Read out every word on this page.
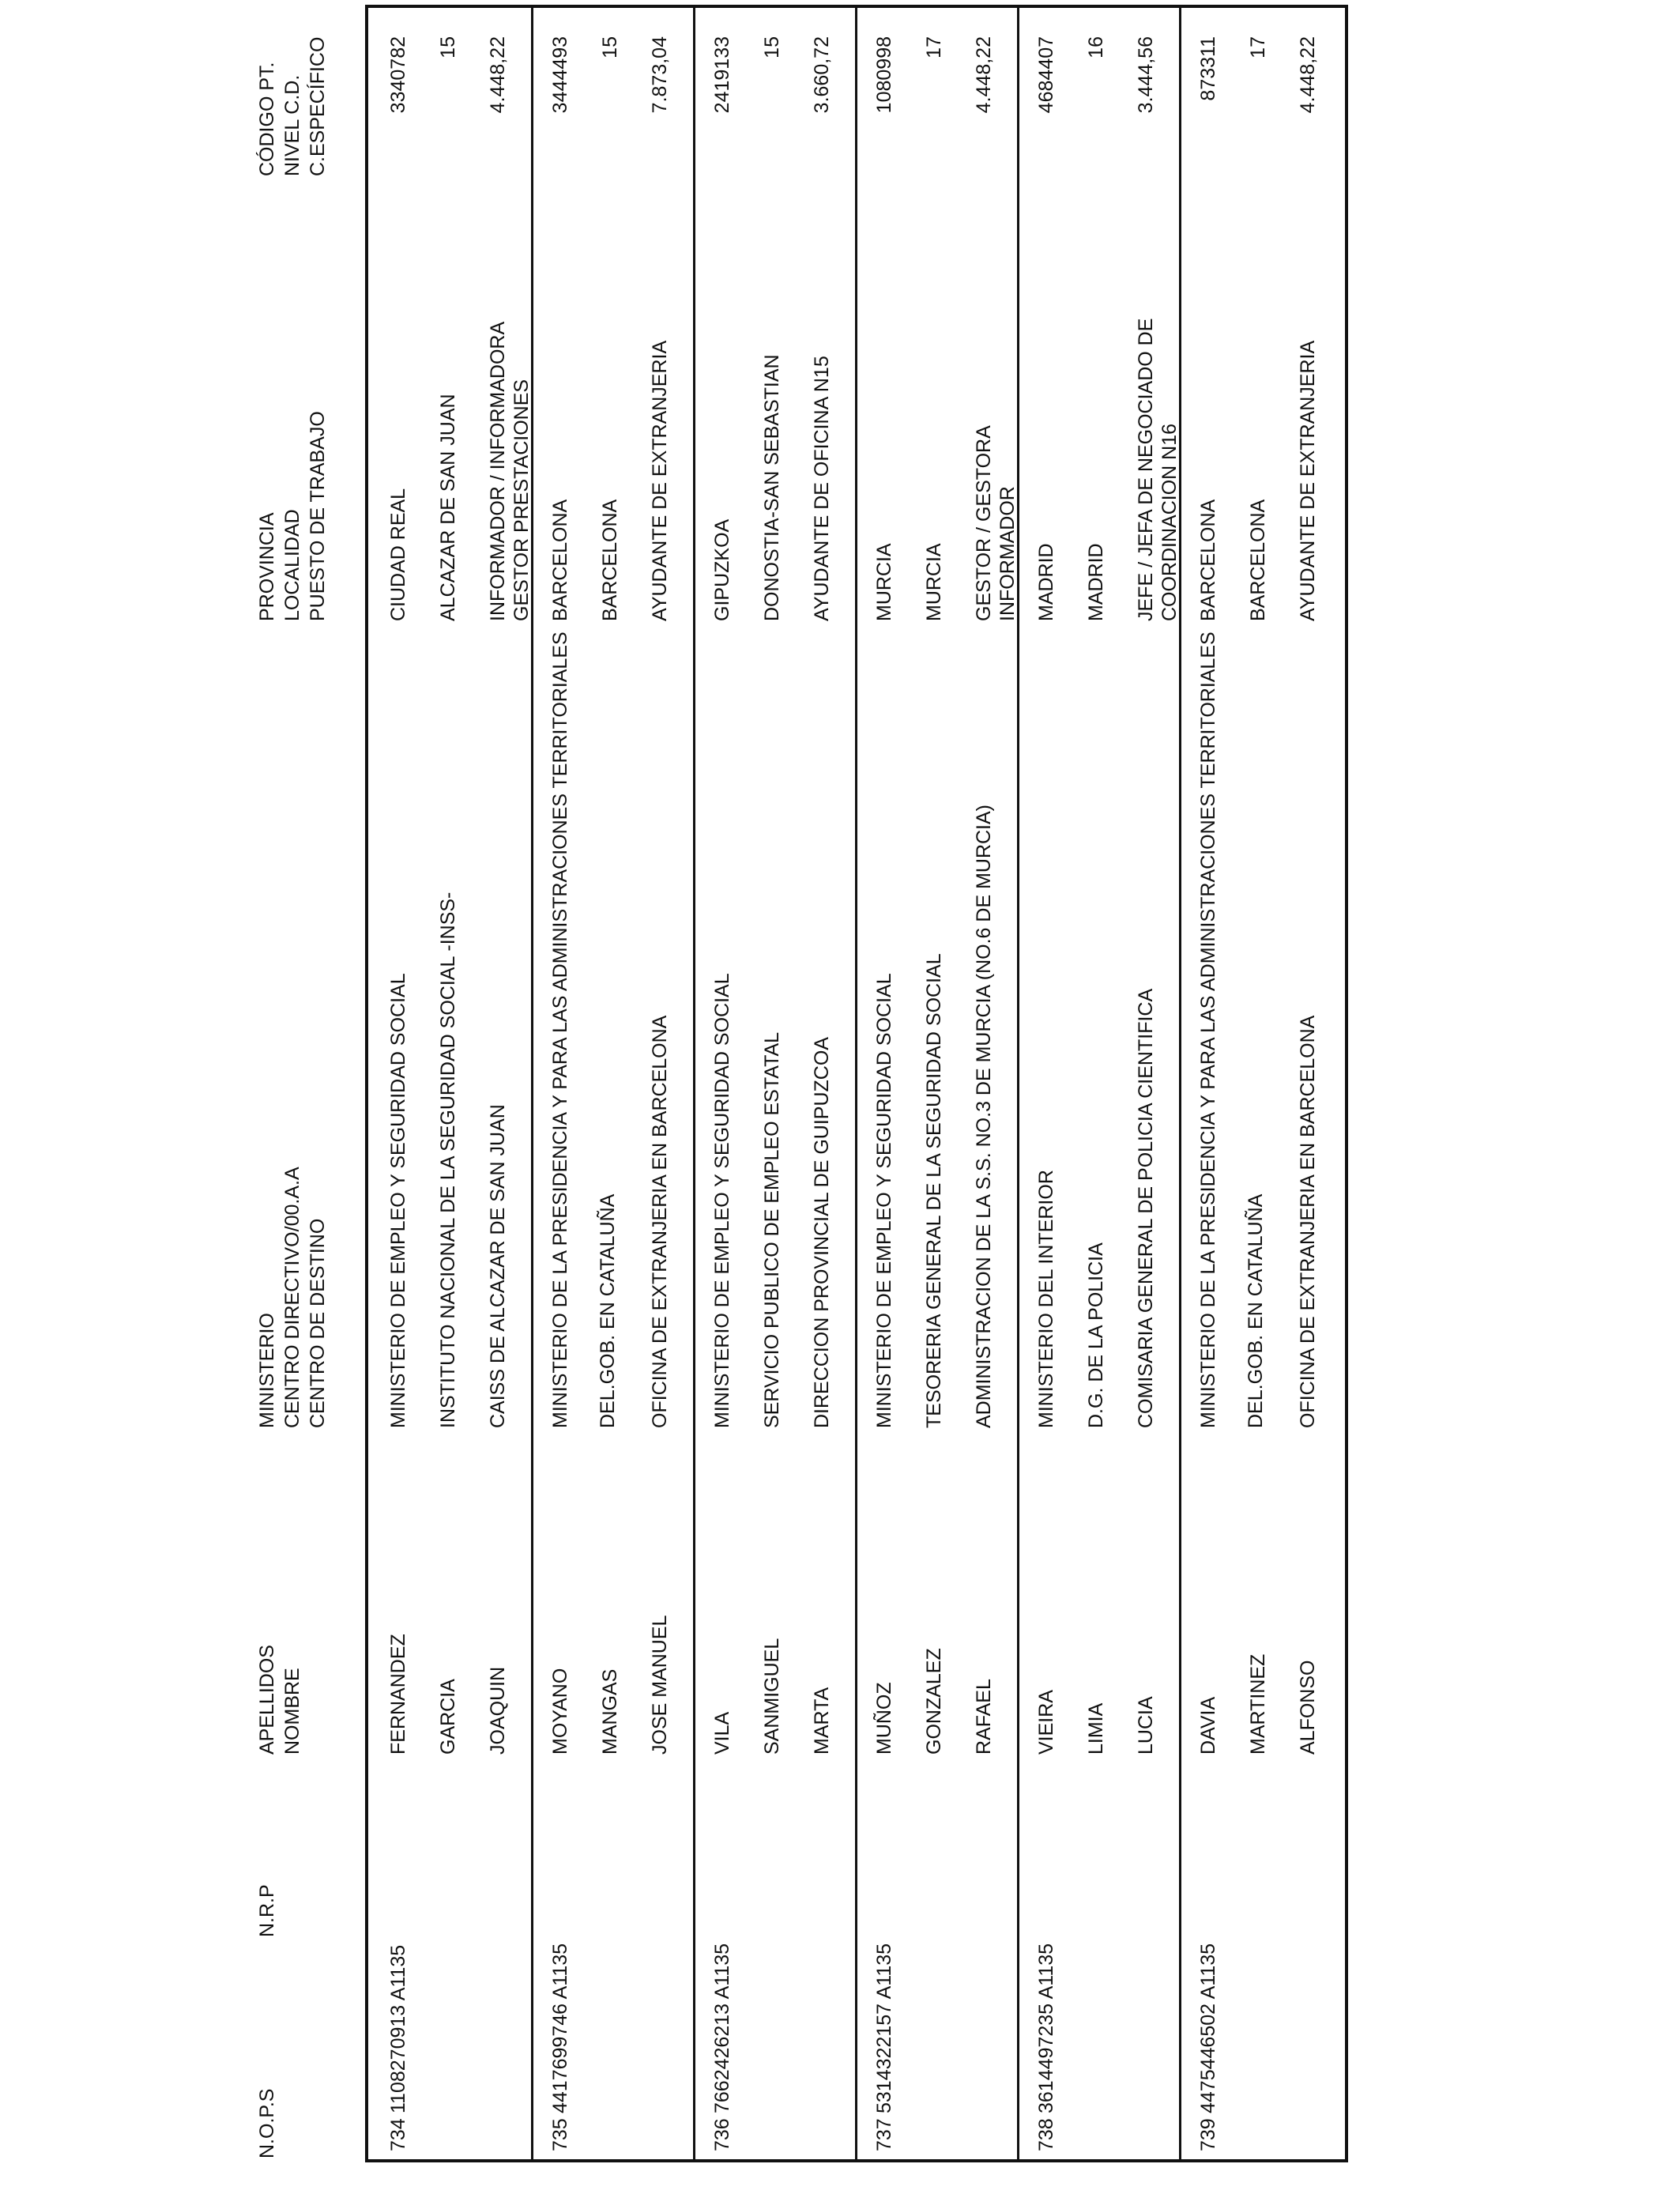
N.O.P.S
N.R.P
APELLIDOS NOMBRE
MINISTERIO CENTRO DIRECTIVO/00.A.A CENTRO DE DESTINO
PROVINCIA LOCALIDAD PUESTO DE TRABAJO
CÓDIGO PT. NIVEL C.D. C.ESPECÍFICO
734
1108270913 A1135
FERNANDEZ GARCIA JOAQUIN
MINISTERIO DE EMPLEO Y SEGURIDAD SOCIAL INSTITUTO NACIONAL DE LA SEGURIDAD SOCIAL -INSS- CAISS DE ALCAZAR DE SAN JUAN
CIUDAD REAL ALCAZAR DE SAN JUAN INFORMADOR / INFORMADORA GESTOR PRESTACIONES
3340782 15 4.448,22
735
4417699746 A1135
MOYANO MANGAS JOSE MANUEL
MINISTERIO DE LA PRESIDENCIA Y PARA LAS ADMINISTRACIONES TERRITORIALES DEL.GOB. EN CATALUÑA OFICINA DE EXTRANJERIA EN BARCELONA
BARCELONA BARCELONA AYUDANTE DE EXTRANJERIA
3444493 15 7.873,04
736
7662426213 A1135
VILA SANMIGUEL MARTA
MINISTERIO DE EMPLEO Y SEGURIDAD SOCIAL SERVICIO PUBLICO DE EMPLEO ESTATAL DIRECCION PROVINCIAL DE GUIPUZCOA
GIPUZKOA DONOSTIA-SAN SEBASTIAN AYUDANTE DE OFICINA N15
2419133 15 3.660,72
737
5314322157 A1135
MUÑOZ GONZALEZ RAFAEL
MINISTERIO DE EMPLEO Y SEGURIDAD SOCIAL TESORERIA GENERAL DE LA SEGURIDAD SOCIAL ADMINISTRACION DE LA S.S. NO.3 DE MURCIA (NO.6 DE MURCIA)
MURCIA MURCIA GESTOR / GESTORA INFORMADOR
1080998 17 4.448,22
738
3614497235 A1135
VIEIRA LIMIA LUCIA
MINISTERIO DEL INTERIOR D.G. DE LA POLICIA COMISARIA GENERAL DE POLICIA CIENTIFICA
MADRID MADRID JEFE / JEFA DE NEGOCIADO DE COORDINACION N16
4684407 16 3.444,56
739
4475446502 A1135
DAVIA MARTINEZ ALFONSO
MINISTERIO DE LA PRESIDENCIA Y PARA LAS ADMINISTRACIONES TERRITORIALES DEL.GOB. EN CATALUÑA OFICINA DE EXTRANJERIA EN BARCELONA
BARCELONA BARCELONA AYUDANTE DE EXTRANJERIA
873311 17 4.448,22
